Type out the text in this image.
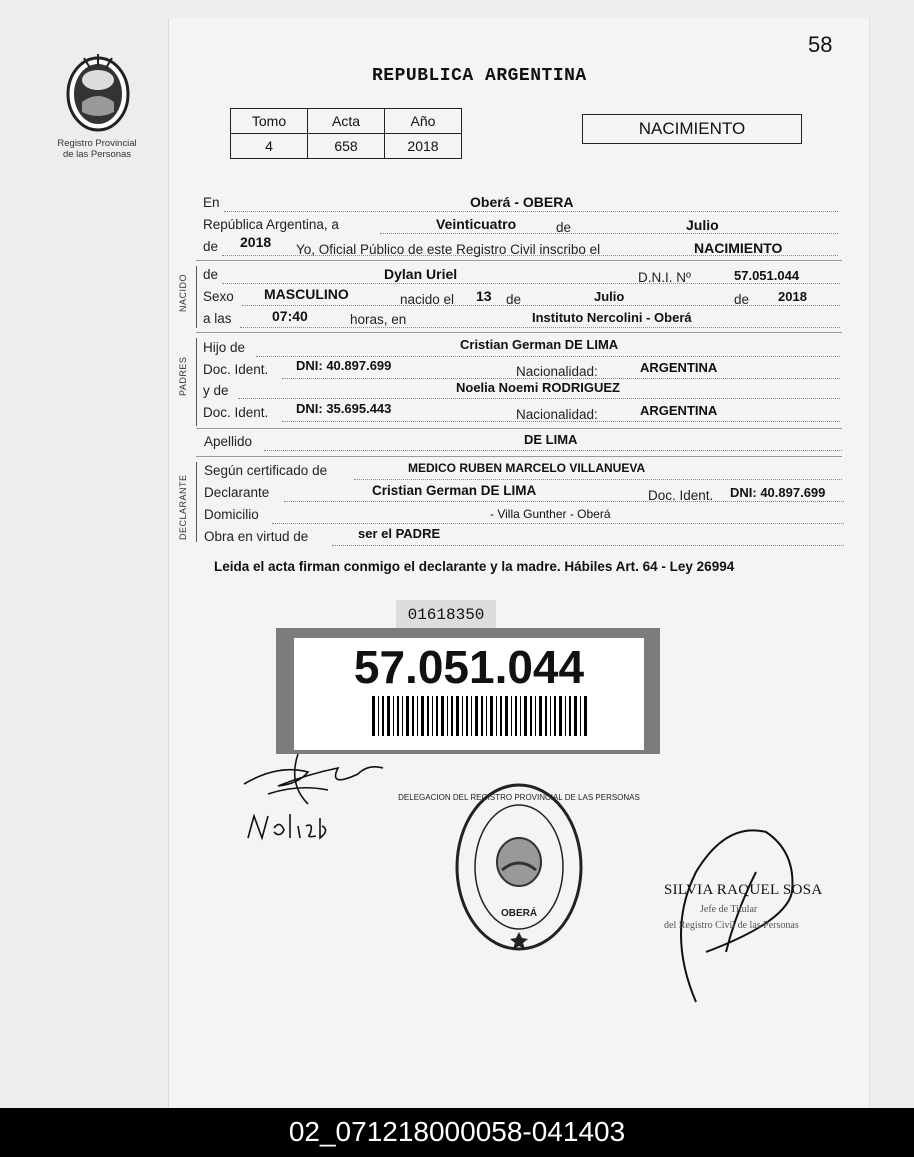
58
Registro Provincial
de las Personas
REPUBLICA ARGENTINA
Tomo	Acta	Año
4	658	2018
NACIMIENTO
En	Oberá - OBERA
República Argentina, a	Veinticuatro	de	Julio
de 2018 Yo, Oficial Público de este Registro Civil inscribo el	NACIMIENTO
NACIDO de	Dylan Uriel	D.N.I. Nº	57.051.044
Sexo MASCULINO	nacido el 13 de	Julio	de 2018
a las	07:40	horas, en	Instituto Nercolini - Oberá
PADRES
Hijo de	Cristian German DE LIMA
Doc. Ident. DNI: 40.897.699	Nacionalidad:	ARGENTINA
y de	Noelia Noemi RODRIGUEZ
Doc. Ident. DNI: 35.695.443	Nacionalidad:	ARGENTINA
Apellido	DE LIMA
DECLARANTE
Según certificado de	MEDICO RUBEN MARCELO VILLANUEVA
Declarante	Cristian German DE LIMA	Doc. Ident. DNI: 40.897.699
Domicilio	- Villa Gunther - Oberá
Obra en virtud de	ser el PADRE
Leida el acta firman conmigo el declarante y la madre. Hábiles Art. 64 - Ley 26994
01618350
57.051.044
Noelia
DELEGACION DEL REGISTRO PROVINCIAL DE LAS PERSONAS
OBERÁ
SILVIA RAQUEL SOSA
Jefe de Titular
del Registro Civil de las Personas
02_071218000058-041403
